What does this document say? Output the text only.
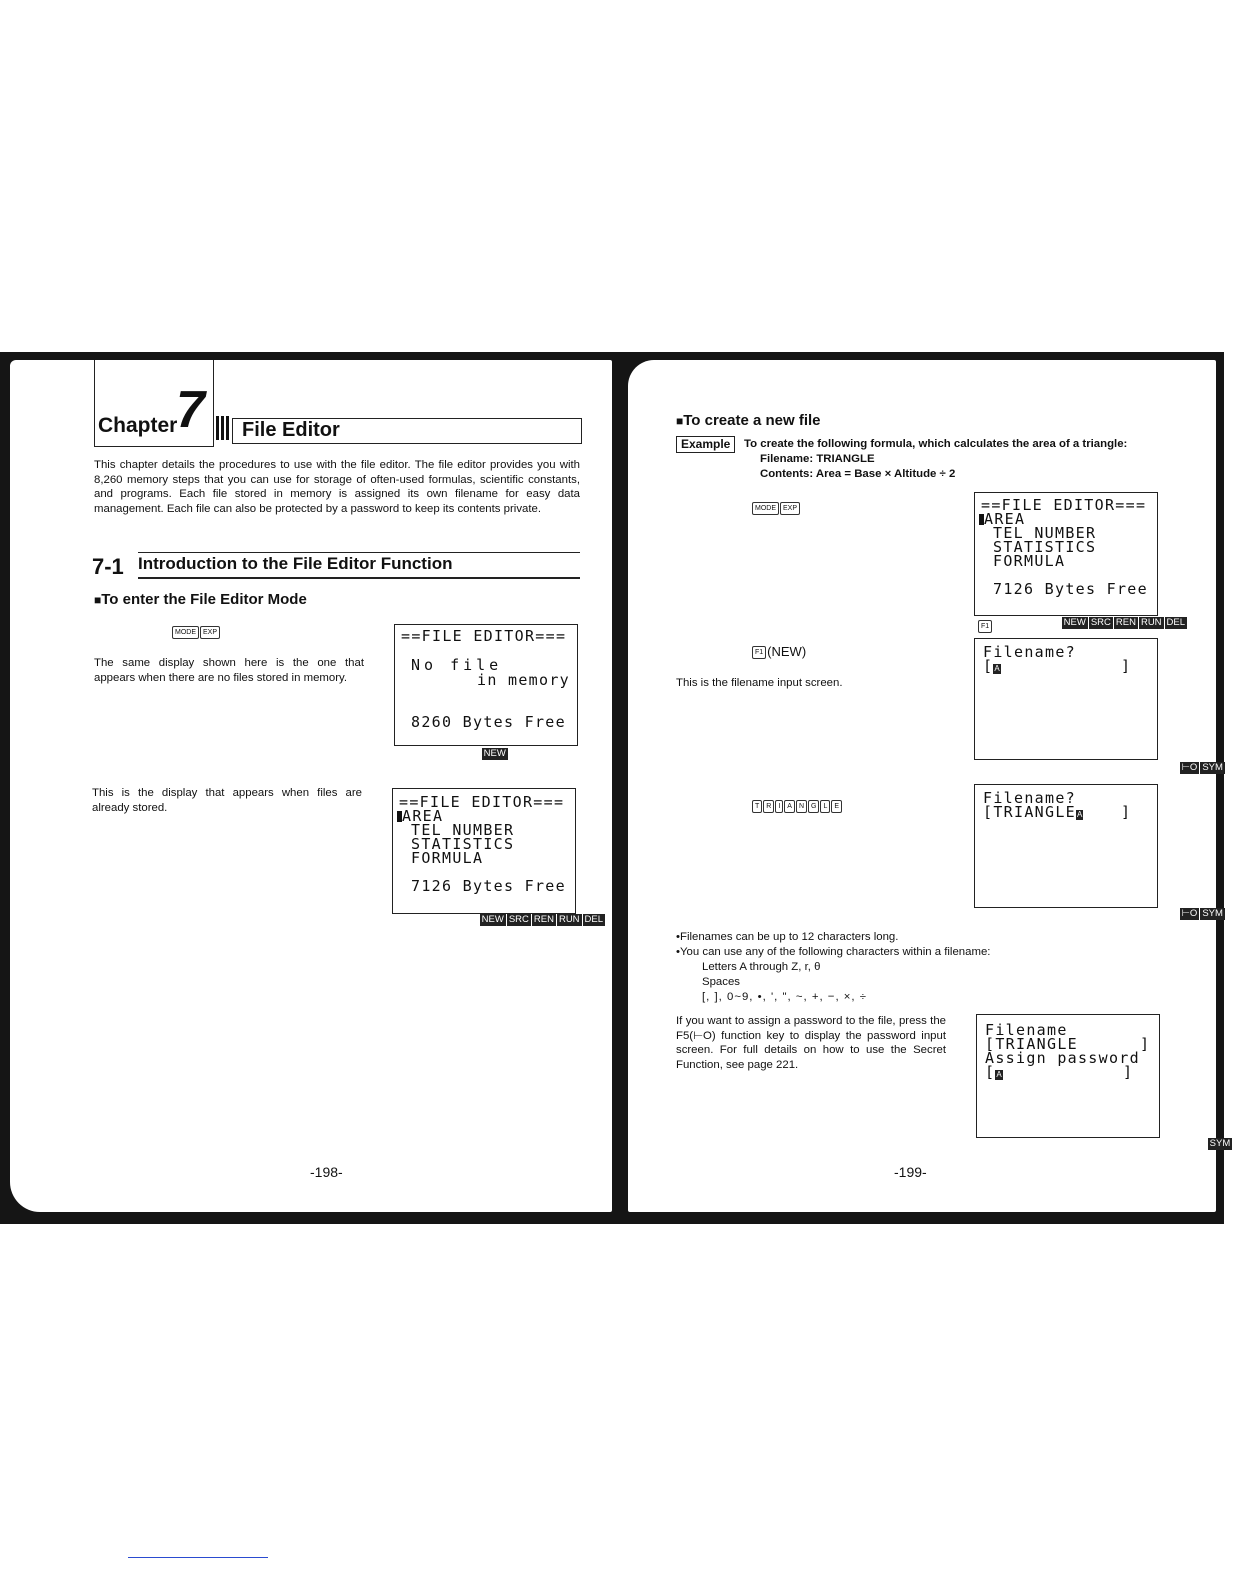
Chapter
7 File Editor
This chapter details the procedures to use with the file editor. The file editor provides you with 8,260 memory steps that you can use for storage of often-used formulas, scientific constants, and programs. Each file stored in memory is assigned its own filename for easy data management. Each file can also be protected by a password to keep its contents private.
7-1 Introduction to the File Editor Function
■To enter the File Editor Mode
MODE EXP
The same display shown here is the one that appears when there are no files stored in memory.
==FILE EDITOR===
No file
in memory
8260 Bytes Free

NEW

This is the display that appears when files are already stored.	==FILE EDITOR===
AREA
TEL NUMBER
STATISTICS
FORMULA
7126 Bytes Free

NEW SRC REN RUN DEL

-198-
■To create a new file
Example	To create the following formula, which calculates the area of a triangle:
Filename: TRIANGLE
Contents: Area = Base × Altitude ÷ 2
MODE EXP	==FILE EDITOR===
AREA
TEL NUMBER
STATISTICS
FORMULA
7126 Bytes Free

NEW SRC REN RUN DEL

F1
F1 (NEW)
This is the filename input screen.
Filename?
[A	]

⊢O SYM

T R I A N G L E	Filename?
[TRIANGLEA	]

⊢O SYM

•Filenames can be up to 12 characters long.
•You can use any of the following characters within a filename:
Letters A through Z, r, θ
Spaces
[, ], 0~9, •, ', ", ~, +, −, ×, ÷
If you want to assign a password to the file, press the F5(⊢O) function key to display the password input screen. For full details on how to use the Secret Function, see page 221.
Filename
[TRIANGLE      ]
Assign password
[A	]

SYM

-199-
